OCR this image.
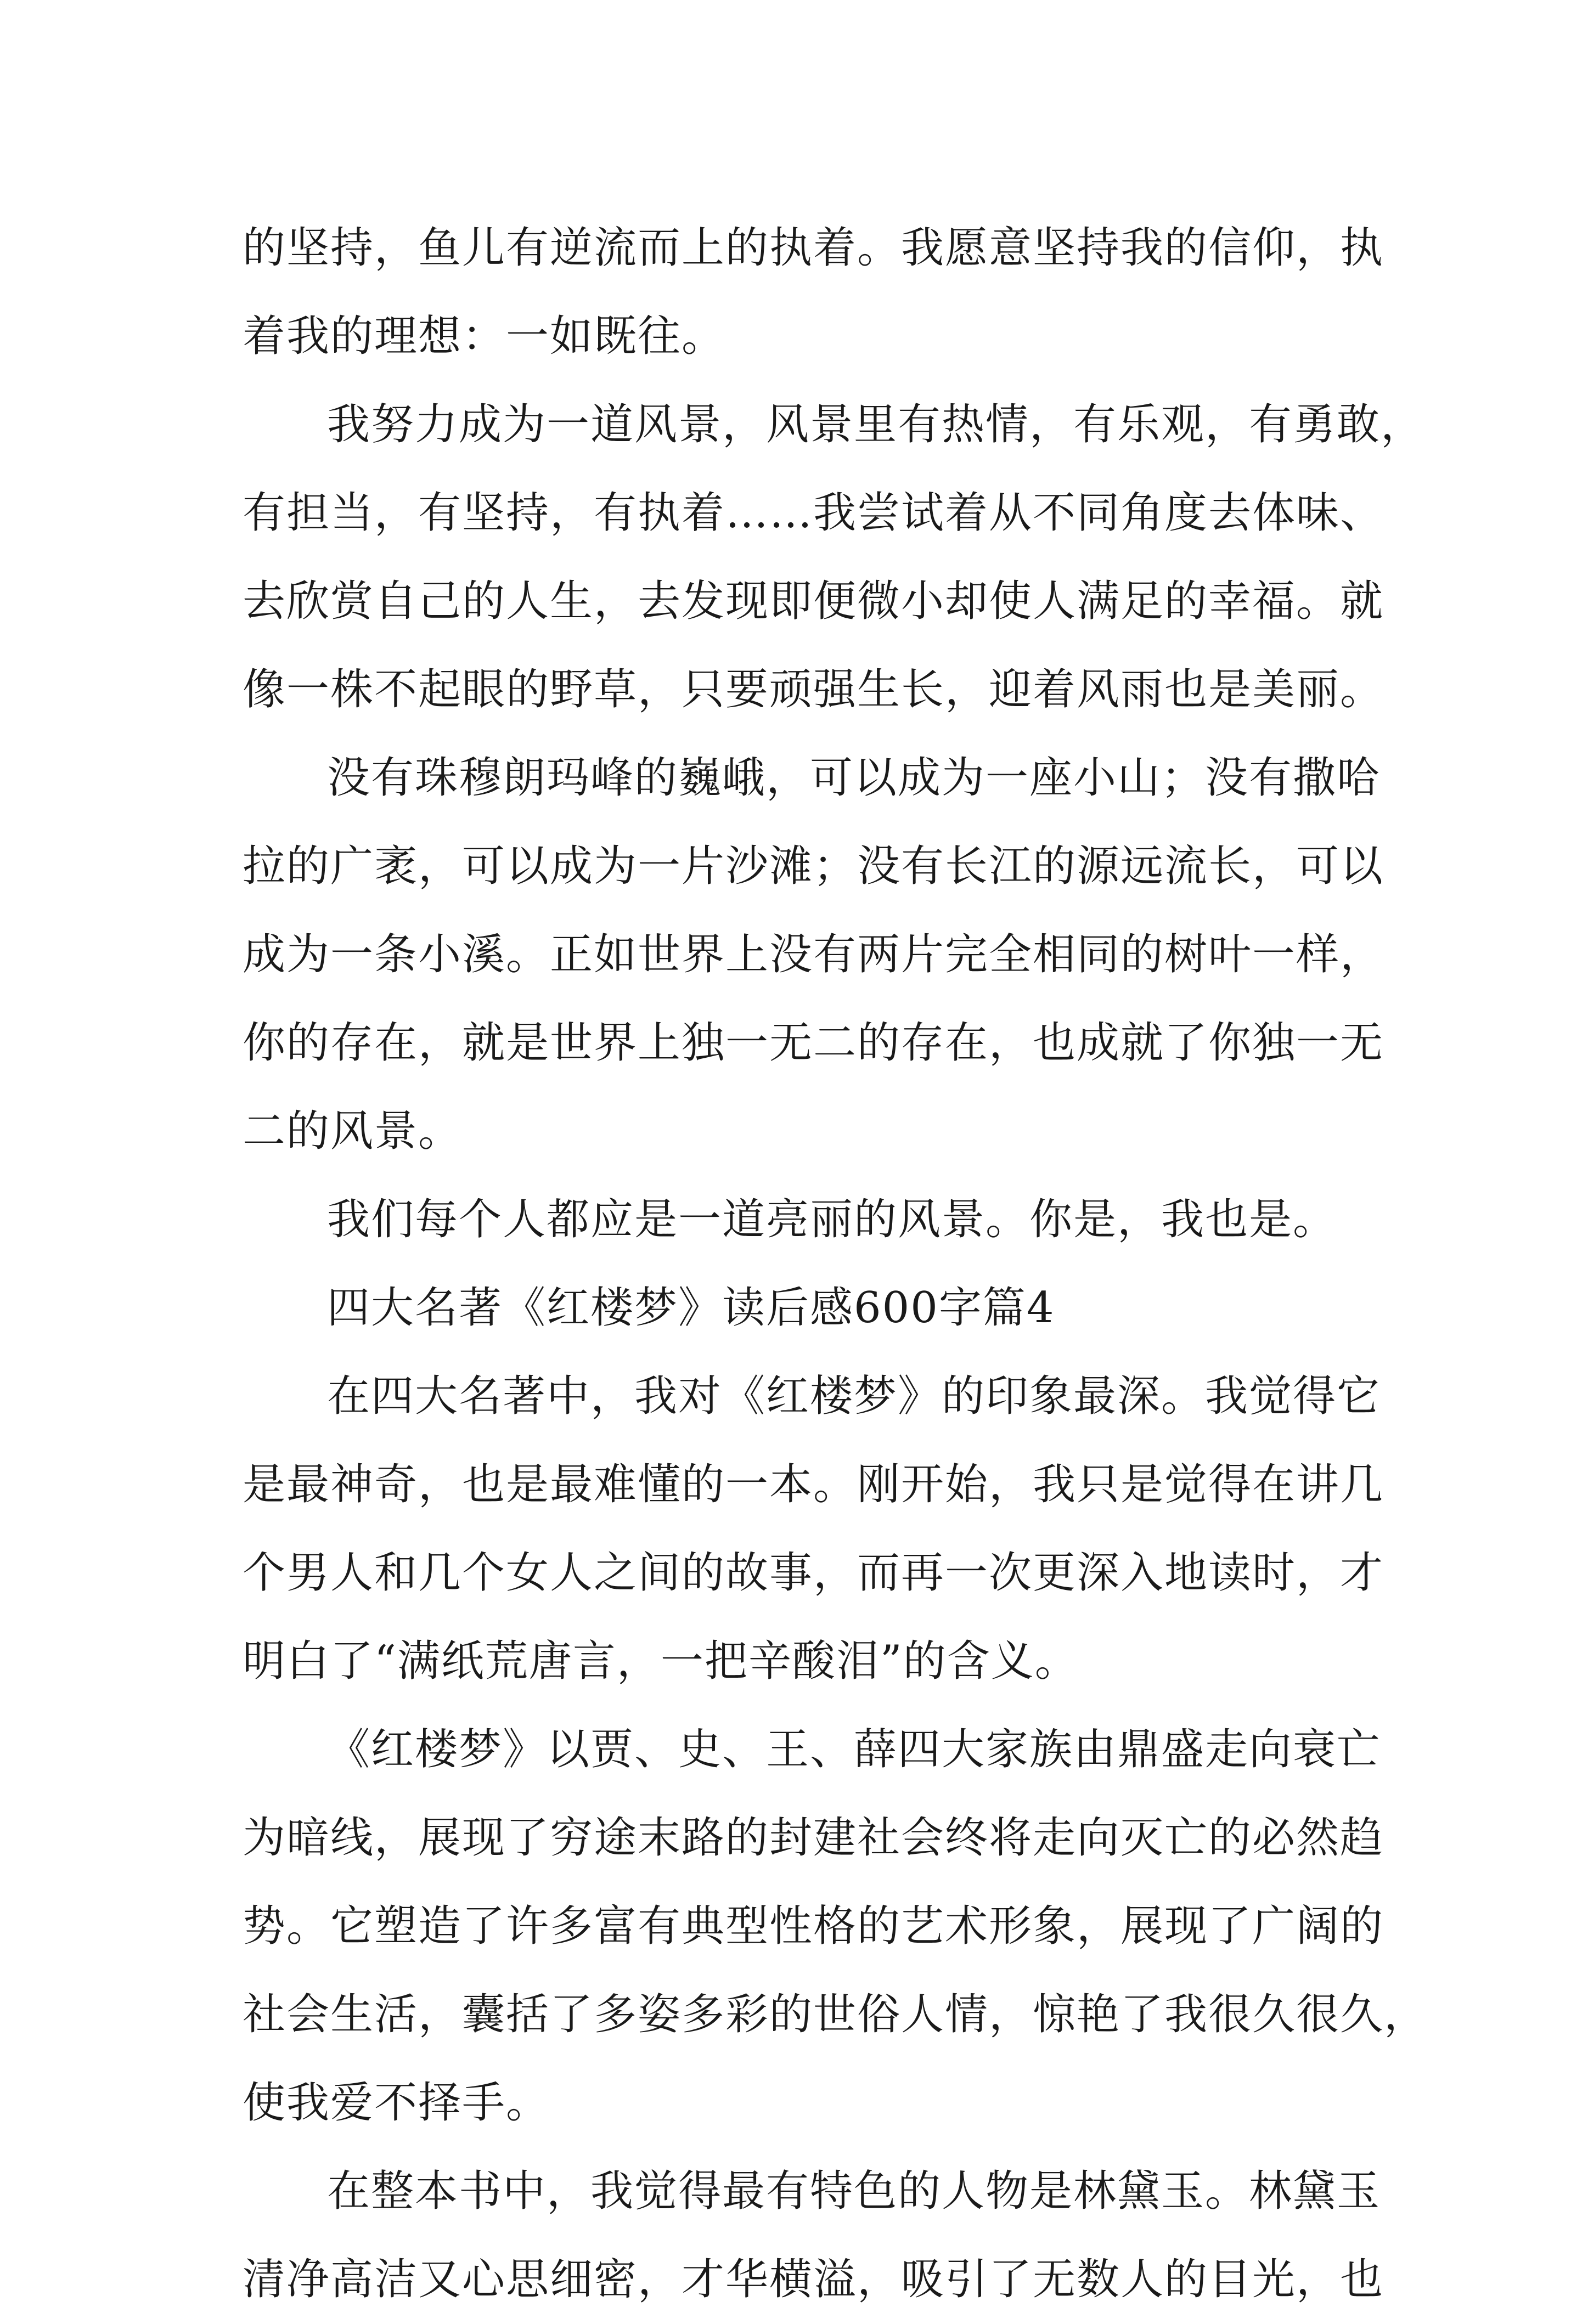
的坚持，鱼儿有逆流而上的执着。我愿意坚持我的信仰，执
着我的理想：一如既往。
我努力成为一道风景，风景里有热情，有乐观，有勇敢，
有担当，有坚持，有执着……我尝试着从不同角度去体味、
去欣赏自己的人生，去发现即便微小却使人满足的幸福。就
像一株不起眼的野草，只要顽强生长，迎着风雨也是美丽。
没有珠穆朗玛峰的巍峨，可以成为一座小山；没有撒哈
拉的广袤，可以成为一片沙滩；没有长江的源远流长，可以
成为一条小溪。正如世界上没有两片完全相同的树叶一样，
你的存在，就是世界上独一无二的存在，也成就了你独一无
二的风景。
我们每个人都应是一道亮丽的风景。你是，我也是。
四大名著《红楼梦》读后感600字篇4
在四大名著中，我对《红楼梦》的印象最深。我觉得它
是最神奇，也是最难懂的一本。刚开始，我只是觉得在讲几
个男人和几个女人之间的故事，而再一次更深入地读时，才
明白了“满纸荒唐言，一把辛酸泪”的含义。
《红楼梦》以贾、史、王、薛四大家族由鼎盛走向衰亡
为暗线，展现了穷途末路的封建社会终将走向灭亡的必然趋
势。它塑造了许多富有典型性格的艺术形象，展现了广阔的
社会生活，囊括了多姿多彩的世俗人情，惊艳了我很久很久，
使我爱不择手。
在整本书中，我觉得最有特色的人物是林黛玉。林黛玉
清净高洁又心思细密，才华横溢，吸引了无数人的目光，也
